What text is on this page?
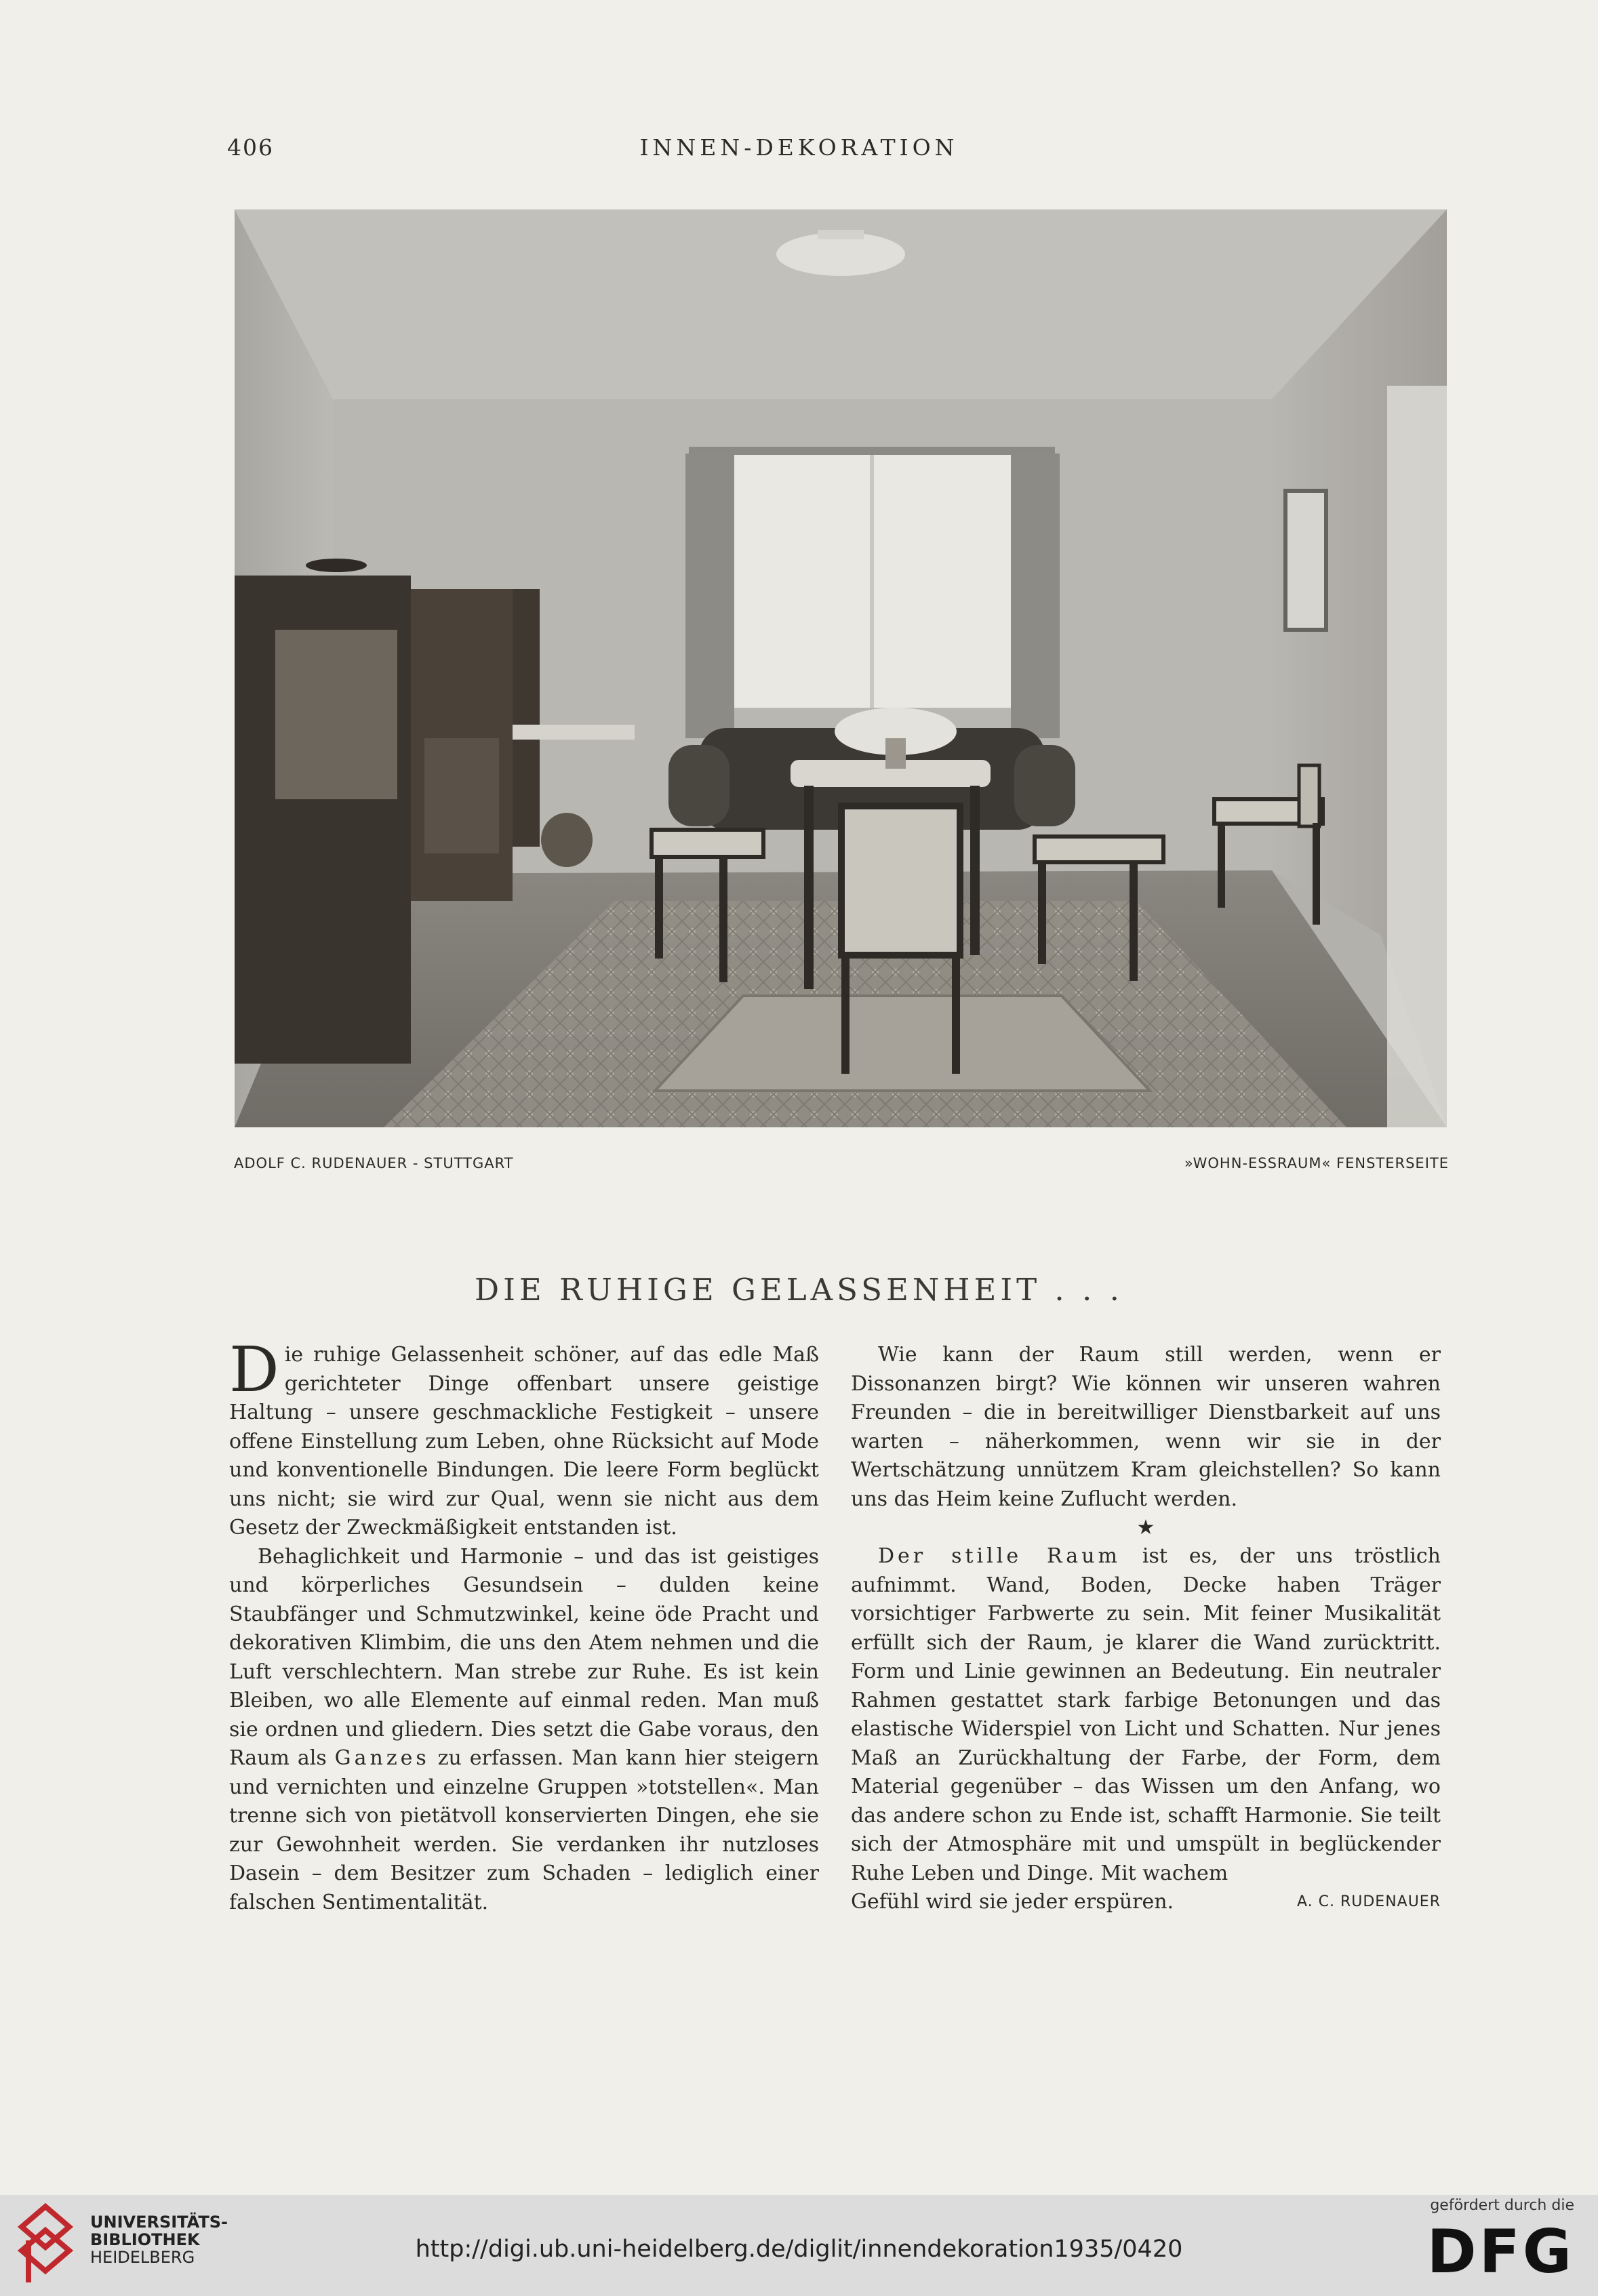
406	INNEN-DEKORATION
ADOLF C. RUDENAUER - STUTTGART	»WOHN-ESSRAUM« FENSTERSEITE
DIE RUHIGE GELASSENHEIT . . .

Die ruhige Gelassenheit schöner, auf das edle Maß gerichteter Dinge offenbart unsere geistige Haltung – unsere geschmackliche Festigkeit – unsere offene Einstellung zum Leben, ohne Rücksicht auf Mode und konventionelle Bindungen. Die leere Form beglückt uns nicht; sie wird zur Qual, wenn sie nicht aus dem Gesetz der Zweckmäßigkeit entstanden ist.

Behaglichkeit und Harmonie – und das ist geistiges und körperliches Gesundsein – dulden keine Staubfänger und Schmutzwinkel, keine öde Pracht und dekorativen Klimbim, die uns den Atem nehmen und die Luft verschlechtern. Man strebe zur Ruhe. Es ist kein Bleiben, wo alle Elemente auf einmal reden. Man muß sie ordnen und gliedern. Dies setzt die Gabe voraus, den Raum als Ganzes zu erfassen. Man kann hier steigern und vernichten und einzelne Gruppen »totstellen«. Man trenne sich von pietätvoll konservierten Dingen, ehe sie zur Gewohnheit werden. Sie verdanken ihr nutzloses Dasein – dem Besitzer zum Schaden – lediglich einer falschen Sentimentalität.

Wie kann der Raum still werden, wenn er Dissonanzen birgt? Wie können wir unseren wahren Freunden – die in bereitwilliger Dienstbarkeit auf uns warten – näherkommen, wenn wir sie in der Wertschätzung unnützem Kram gleichstellen? So kann uns das Heim keine Zuflucht werden.

★

Der stille Raum ist es, der uns tröstlich aufnimmt. Wand, Boden, Decke haben Träger vorsichtiger Farbwerte zu sein. Mit feiner Musikalität erfüllt sich der Raum, je klarer die Wand zurücktritt. Form und Linie gewinnen an Bedeutung. Ein neutraler Rahmen gestattet stark farbige Betonungen und das elastische Widerspiel von Licht und Schatten. Nur jenes Maß an Zurückhaltung der Farbe, der Form, dem Material gegenüber – das Wissen um den Anfang, wo das andere schon zu Ende ist, schafft Harmonie. Sie teilt sich der Atmosphäre mit und umspült in beglückender Ruhe Leben und Dinge. Mit wachem

Gefühl wird sie jeder erspüren.	A. C. RUDENAUER
UNIVERSITÄTS-
BIBLIOTHEK
HEIDELBERG	http://digi.ub.uni-heidelberg.de/diglit/innendekoration1935/0420
gefördert durch die
DFG
